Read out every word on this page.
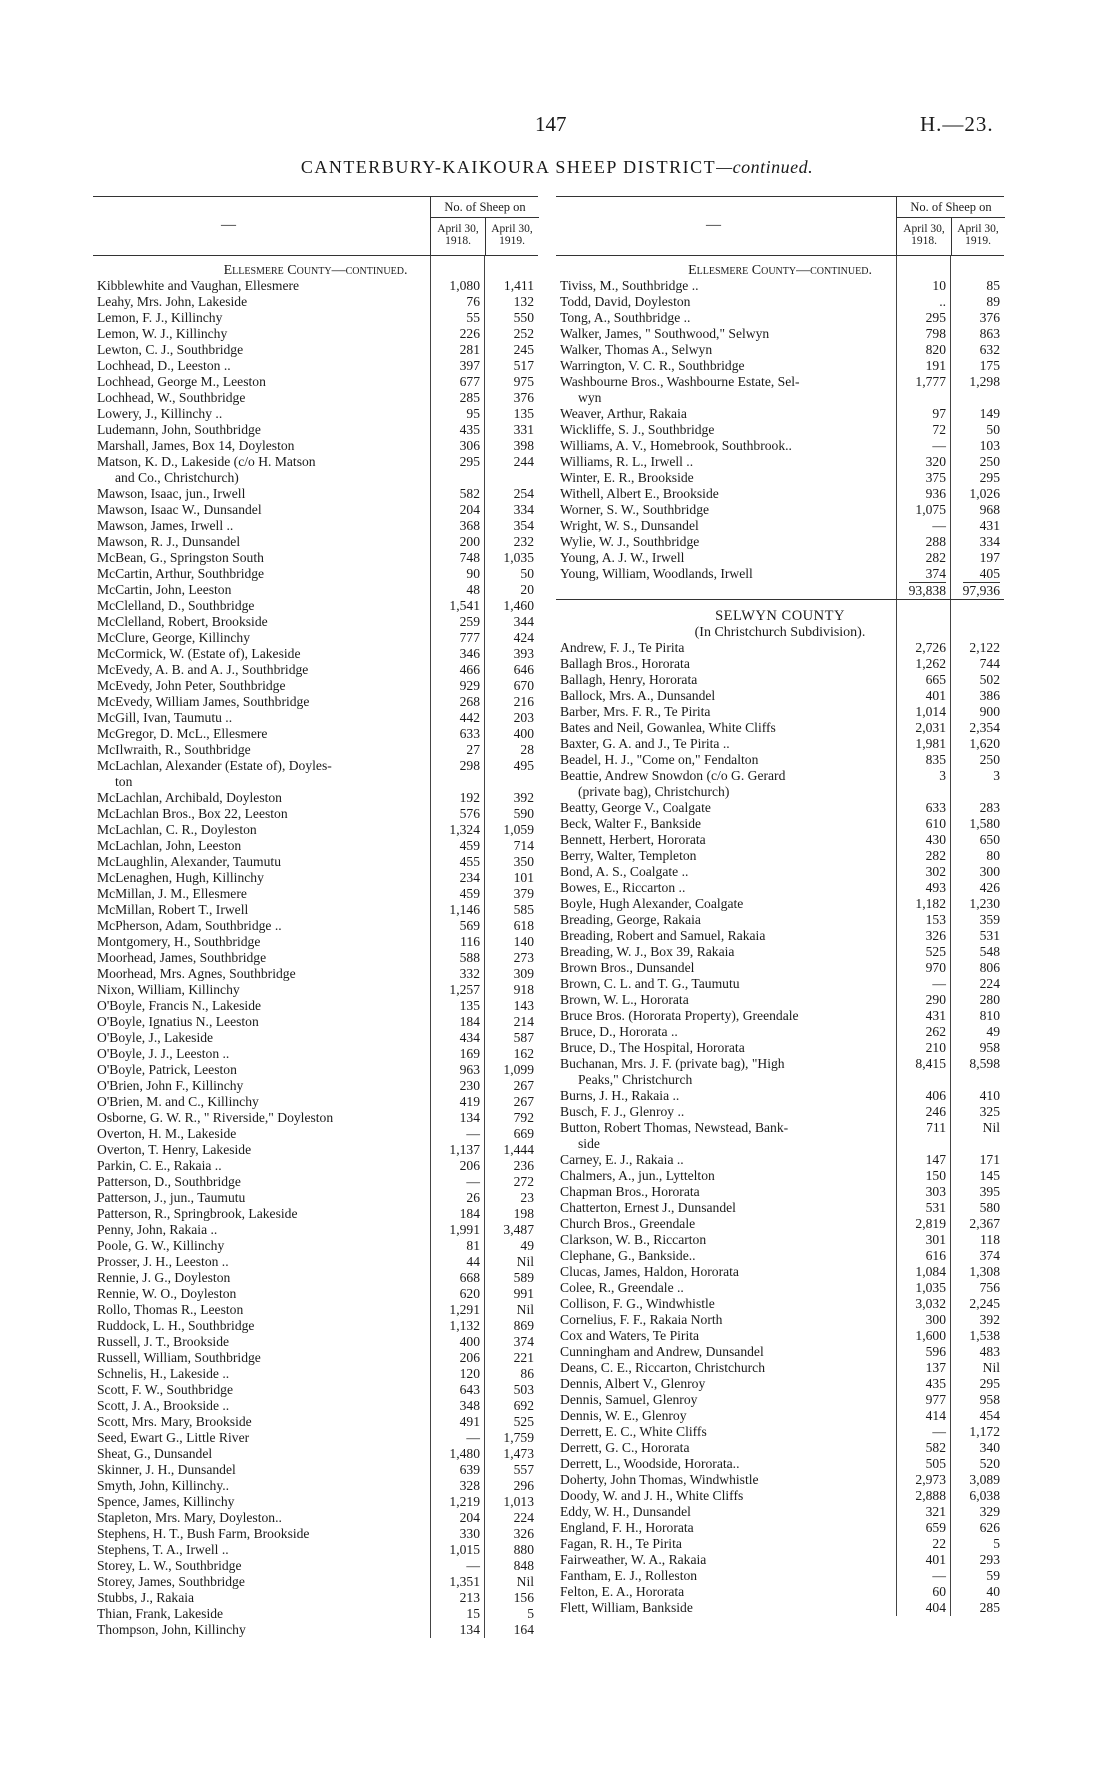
147	H.—23.
CANTERBURY-KAIKOURA SHEEP DISTRICT—continued.
—
No. of Sheep on
April 30,
1918.
April 30,
1919.
Ellesmere County—continued.
Kibblewhite and Vaughan, Ellesmere	1,080 1,411
Leahy, Mrs. John, Lakeside	76 132
Lemon, F. J., Killinchy	55 550
Lemon, W. J., Killinchy	226 252
Lewton, C. J., Southbridge	281 245
Lochhead, D., Leeston ..	397 517
Lochhead, George M., Leeston	677 975
Lochhead, W., Southbridge	285 376
Lowery, J., Killinchy ..	95 135
Ludemann, John, Southbridge	435 331
Marshall, James, Box 14, Doyleston	306 398
Matson, K. D., Lakeside (c/o H. Matson	295 244
and Co., Christchurch)
Mawson, Isaac, jun., Irwell	582 254
Mawson, Isaac W., Dunsandel	204 334
Mawson, James, Irwell ..	368 354
Mawson, R. J., Dunsandel	200 232
McBean, G., Springston South	748 1,035
McCartin, Arthur, Southbridge	90	50
McCartin, John, Leeston	48	20
McClelland, D., Southbridge	1,541 1,460
McClelland, Robert, Brookside	259 344
McClure, George, Killinchy	777 424
McCormick, W. (Estate of), Lakeside	346 393
McEvedy, A. B. and A. J., Southbridge	466 646
McEvedy, John Peter, Southbridge	929 670
McEvedy, William James, Southbridge	268 216
McGill, Ivan, Taumutu ..	442 203
McGregor, D. McL., Ellesmere	633 400
McIlwraith, R., Southbridge	27	28
McLachlan, Alexander (Estate of), Doyles-	298 495
ton
McLachlan, Archibald, Doyleston	192 392
McLachlan Bros., Box 22, Leeston	576 590
McLachlan, C. R., Doyleston	1,324 1,059
McLachlan, John, Leeston	459 714
McLaughlin, Alexander, Taumutu	455 350
McLenaghen, Hugh, Killinchy	234 101
McMillan, J. M., Ellesmere	459 379
McMillan, Robert T., Irwell	1,146 585
McPherson, Adam, Southbridge ..	569 618
Montgomery, H., Southbridge	116 140
Moorhead, James, Southbridge	588 273
Moorhead, Mrs. Agnes, Southbridge	332 309
Nixon, William, Killinchy	1,257 918
O'Boyle, Francis N., Lakeside	135 143
O'Boyle, Ignatius N., Leeston	184 214
O'Boyle, J., Lakeside	434 587
O'Boyle, J. J., Leeston ..	169 162
O'Boyle, Patrick, Leeston	963 1,099
O'Brien, John F., Killinchy	230 267
O'Brien, M. and C., Killinchy	419 267
Osborne, G. W. R., " Riverside," Doyleston	134 792
Overton, H. M., Lakeside	— 669
Overton, T. Henry, Lakeside	1,137 1,444
Parkin, C. E., Rakaia ..	206 236
Patterson, D., Southbridge	— 272
Patterson, J., jun., Taumutu	26	23
Patterson, R., Springbrook, Lakeside	184 198
Penny, John, Rakaia ..	1,991 3,487
Poole, G. W., Killinchy	81	49
Prosser, J. H., Leeston ..	44	Nil
Rennie, J. G., Doyleston	668 589
Rennie, W. O., Doyleston	620 991
Rollo, Thomas R., Leeston	1,291	Nil
Ruddock, L. H., Southbridge	1,132 869
Russell, J. T., Brookside	400 374
Russell, William, Southbridge	206 221
Schnelis, H., Lakeside ..	120	86
Scott, F. W., Southbridge	643 503
Scott, J. A., Brookside ..	348 692
Scott, Mrs. Mary, Brookside	491 525
Seed, Ewart G., Little River	— 1,759
Sheat, G., Dunsandel	1,480 1,473
Skinner, J. H., Dunsandel	639 557
Smyth, John, Killinchy..	328 296
Spence, James, Killinchy	1,219 1,013
Stapleton, Mrs. Mary, Doyleston..	204 224
Stephens, H. T., Bush Farm, Brookside	330 326
Stephens, T. A., Irwell ..	1,015 880
Storey, L. W., Southbridge	— 848
Storey, James, Southbridge	1,351	Nil
Stubbs, J., Rakaia	213 156
Thian, Frank, Lakeside	15	5
Thompson, John, Killinchy	134 164
—
No. of Sheep on
April 30,
1918.
April 30,
1919.
Ellesmere County—continued.
Tiviss, M., Southbridge ..	10	85
Todd, David, Doyleston	..	89
Tong, A., Southbridge ..	295 376
Walker, James, " Southwood," Selwyn	798 863
Walker, Thomas A., Selwyn	820 632
Warrington, V. C. R., Southbridge	191 175
Washbourne Bros., Washbourne Estate, Sel-	1,777 1,298
wyn
Weaver, Arthur, Rakaia	97 149
Wickliffe, S. J., Southbridge	72	50
Williams, A. V., Homebrook, Southbrook..	— 103
Williams, R. L., Irwell ..	320 250
Winter, E. R., Brookside	375 295
Withell, Albert E., Brookside	936 1,026
Worner, S. W., Southbridge	1,075 968
Wright, W. S., Dunsandel	— 431
Wylie, W. J., Southbridge	288 334
Young, A. J. W., Irwell	282 197
Young, William, Woodlands, Irwell	374 405
93,838 97,936
SELWYN COUNTY
(In Christchurch Subdivision).
Andrew, F. J., Te Pirita	2,726 2,122
Ballagh Bros., Hororata	1,262 744
Ballagh, Henry, Hororata	665 502
Ballock, Mrs. A., Dunsandel	401 386
Barber, Mrs. F. R., Te Pirita	1,014 900
Bates and Neil, Gowanlea, White Cliffs	2,031 2,354
Baxter, G. A. and J., Te Pirita ..	1,981 1,620
Beadel, H. J., "Come on," Fendalton	835 250
Beattie, Andrew Snowdon (c/o G. Gerard	3	3
(private bag), Christchurch)
Beatty, George V., Coalgate	633 283
Beck, Walter F., Bankside	610 1,580
Bennett, Herbert, Hororata	430 650
Berry, Walter, Templeton	282	80
Bond, A. S., Coalgate ..	302 300
Bowes, E., Riccarton ..	493 426
Boyle, Hugh Alexander, Coalgate	1,182 1,230
Breading, George, Rakaia	153 359
Breading, Robert and Samuel, Rakaia	326 531
Breading, W. J., Box 39, Rakaia	525 548
Brown Bros., Dunsandel	970 806
Brown, C. L. and T. G., Taumutu	— 224
Brown, W. L., Hororata	290 280
Bruce Bros. (Hororata Property), Greendale	431 810
Bruce, D., Hororata ..	262	49
Bruce, D., The Hospital, Hororata	210 958
Buchanan, Mrs. J. F. (private bag), "High	8,415 8,598
Peaks," Christchurch
Burns, J. H., Rakaia ..	406 410
Busch, F. J., Glenroy ..	246 325
Button, Robert Thomas, Newstead, Bank-	711	Nil
side
Carney, E. J., Rakaia ..	147 171
Chalmers, A., jun., Lyttelton	150 145
Chapman Bros., Hororata	303 395
Chatterton, Ernest J., Dunsandel	531 580
Church Bros., Greendale	2,819 2,367
Clarkson, W. B., Riccarton	301	118
Clephane, G., Bankside..	616 374
Clucas, James, Haldon, Hororata	1,084 1,308
Colee, R., Greendale ..	1,035 756
Collison, F. G., Windwhistle	3,032 2,245
Cornelius, F. F., Rakaia North	300 392
Cox and Waters, Te Pirita	1,600 1,538
Cunningham and Andrew, Dunsandel	596 483
Deans, C. E., Riccarton, Christchurch	137	Nil
Dennis, Albert V., Glenroy	435 295
Dennis, Samuel, Glenroy	977 958
Dennis, W. E., Glenroy	414 454
Derrett, E. C., White Cliffs	— 1,172
Derrett, G. C., Hororata	582 340
Derrett, L., Woodside, Hororata..	505 520
Doherty, John Thomas, Windwhistle	2,973 3,089
Doody, W. and J. H., White Cliffs	2,888 6,038
Eddy, W. H., Dunsandel	321 329
England, F. H., Hororata	659 626
Fagan, R. H., Te Pirita	22	5
Fairweather, W. A., Rakaia	401 293
Fantham, E. J., Rolleston	—	59
Felton, E. A., Hororata	60	40
Flett, William, Bankside	404 285
